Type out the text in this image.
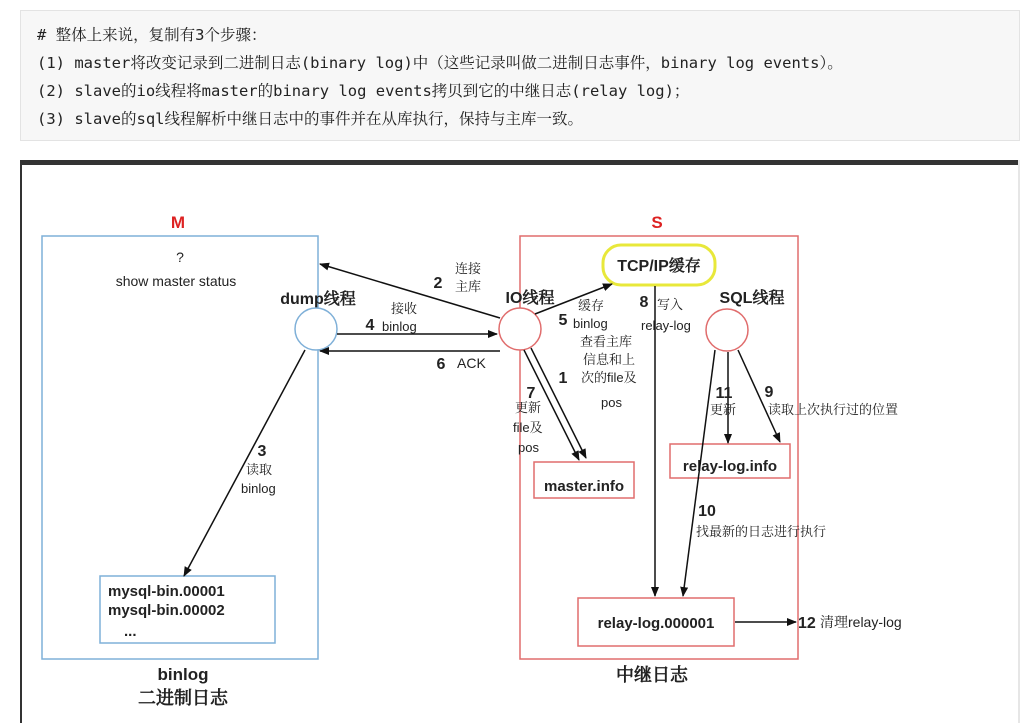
# 整体上来说，复制有3个步骤：
(1) master将改变记录到二进制日志(binary log)中（这些记录叫做二进制日志事件，binary log events）。
(2) slave的io线程将master的binary log events拷贝到它的中继日志(relay log)；
(3) slave的sql线程解析中继日志中的事件并在从库执行，保持与主库一致。
M
?
show master status
dump线程
mysql-bin.00001
mysql-bin.00002
...
binlog
二进制日志
S
中继日志
TCP/IP缓存
IO线程	SQL线程
master.info
relay-log.info
relay-log.000001
2
连接
主库
4
接收
binlog
6 ACK
5
缓存
binlog
1
查看主库
信息和上
次的file及
pos
7
更新
file及
pos
8 写入
relay-log
11
更新
9
读取上次执行过的位置
10
找最新的日志进行执行
12 清理relay-log
3
读取
binlog
